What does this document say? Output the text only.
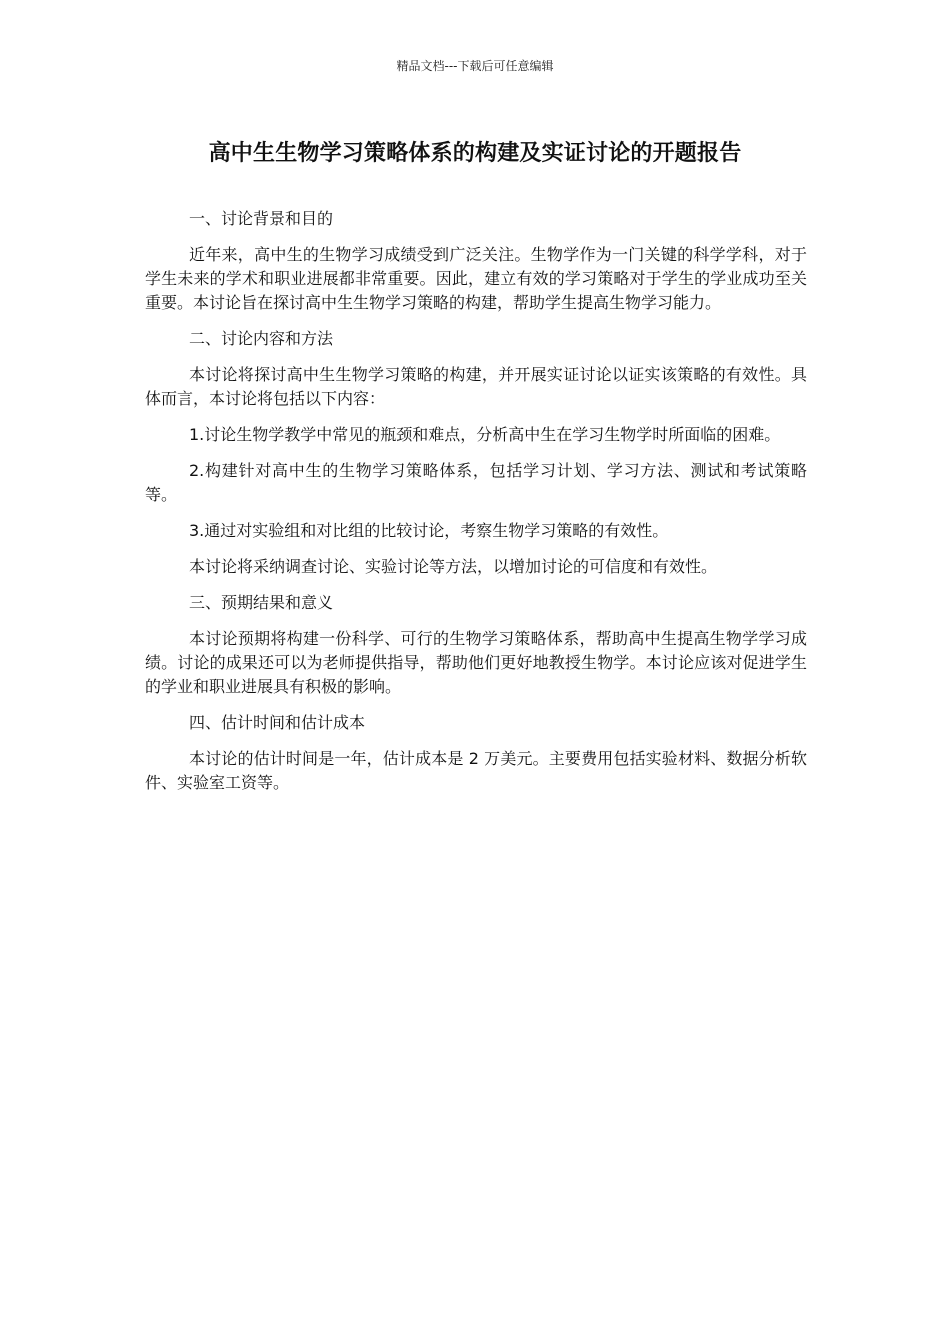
精品文档---下载后可任意编辑
高中生生物学习策略体系的构建及实证讨论的开题报告

一、讨论背景和目的

近年来，高中生的生物学习成绩受到广泛关注。生物学作为一门关键的科学学科，对于学生未来的学术和职业进展都非常重要。因此，建立有效的学习策略对于学生的学业成功至关重要。本讨论旨在探讨高中生生物学习策略的构建，帮助学生提高生物学习能力。

二、讨论内容和方法

本讨论将探讨高中生生物学习策略的构建，并开展实证讨论以证实该策略的有效性。具体而言，本讨论将包括以下内容：

1.讨论生物学教学中常见的瓶颈和难点，分析高中生在学习生物学时所面临的困难。

2.构建针对高中生的生物学习策略体系，包括学习计划、学习方法、测试和考试策略等。

3.通过对实验组和对比组的比较讨论，考察生物学习策略的有效性。

本讨论将采纳调查讨论、实验讨论等方法，以增加讨论的可信度和有效性。

三、预期结果和意义

本讨论预期将构建一份科学、可行的生物学习策略体系，帮助高中生提高生物学学习成绩。讨论的成果还可以为老师提供指导，帮助他们更好地教授生物学。本讨论应该对促进学生的学业和职业进展具有积极的影响。

四、估计时间和估计成本

本讨论的估计时间是一年，估计成本是 2 万美元。主要费用包括实验材料、数据分析软件、实验室工资等。
